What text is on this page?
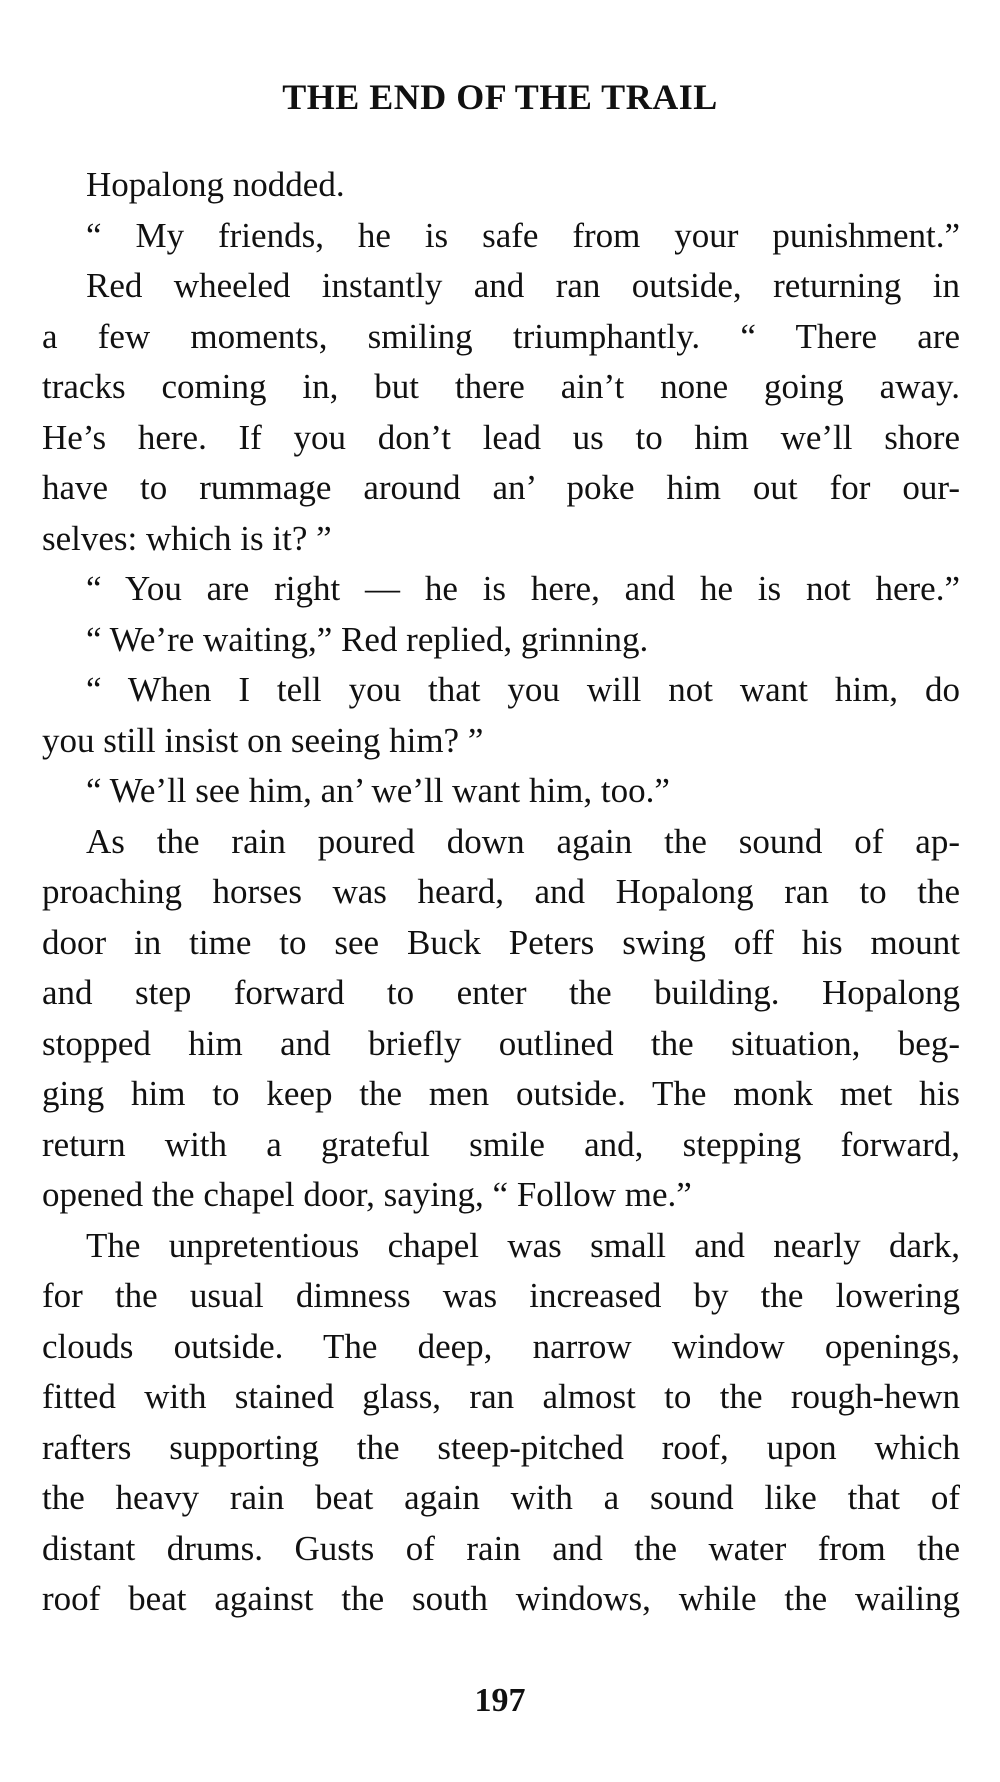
THE END OF THE TRAIL
Hopalong nodded.
“ My friends, he is safe from your punishment.”
Red wheeled instantly and ran outside, returning in
a few moments, smiling triumphantly. “ There are
tracks coming in, but there ain’t none going away.
He’s here. If you don’t lead us to him we’ll shore
have to rummage around an’ poke him out for our-
selves: which is it? ”
“ You are right — he is here, and he is not here.”
“ We’re waiting,” Red replied, grinning.
“ When I tell you that you will not want him, do
you still insist on seeing him? ”
“ We’ll see him, an’ we’ll want him, too.”
As the rain poured down again the sound of ap-
proaching horses was heard, and Hopalong ran to the
door in time to see Buck Peters swing off his mount
and step forward to enter the building. Hopalong
stopped him and briefly outlined the situation, beg-
ging him to keep the men outside. The monk met his
return with a grateful smile and, stepping forward,
opened the chapel door, saying, “ Follow me.”
The unpretentious chapel was small and nearly dark,
for the usual dimness was increased by the lowering
clouds outside. The deep, narrow window openings,
fitted with stained glass, ran almost to the rough-hewn
rafters supporting the steep-pitched roof, upon which
the heavy rain beat again with a sound like that of
distant drums. Gusts of rain and the water from the
roof beat against the south windows, while the wailing
197
